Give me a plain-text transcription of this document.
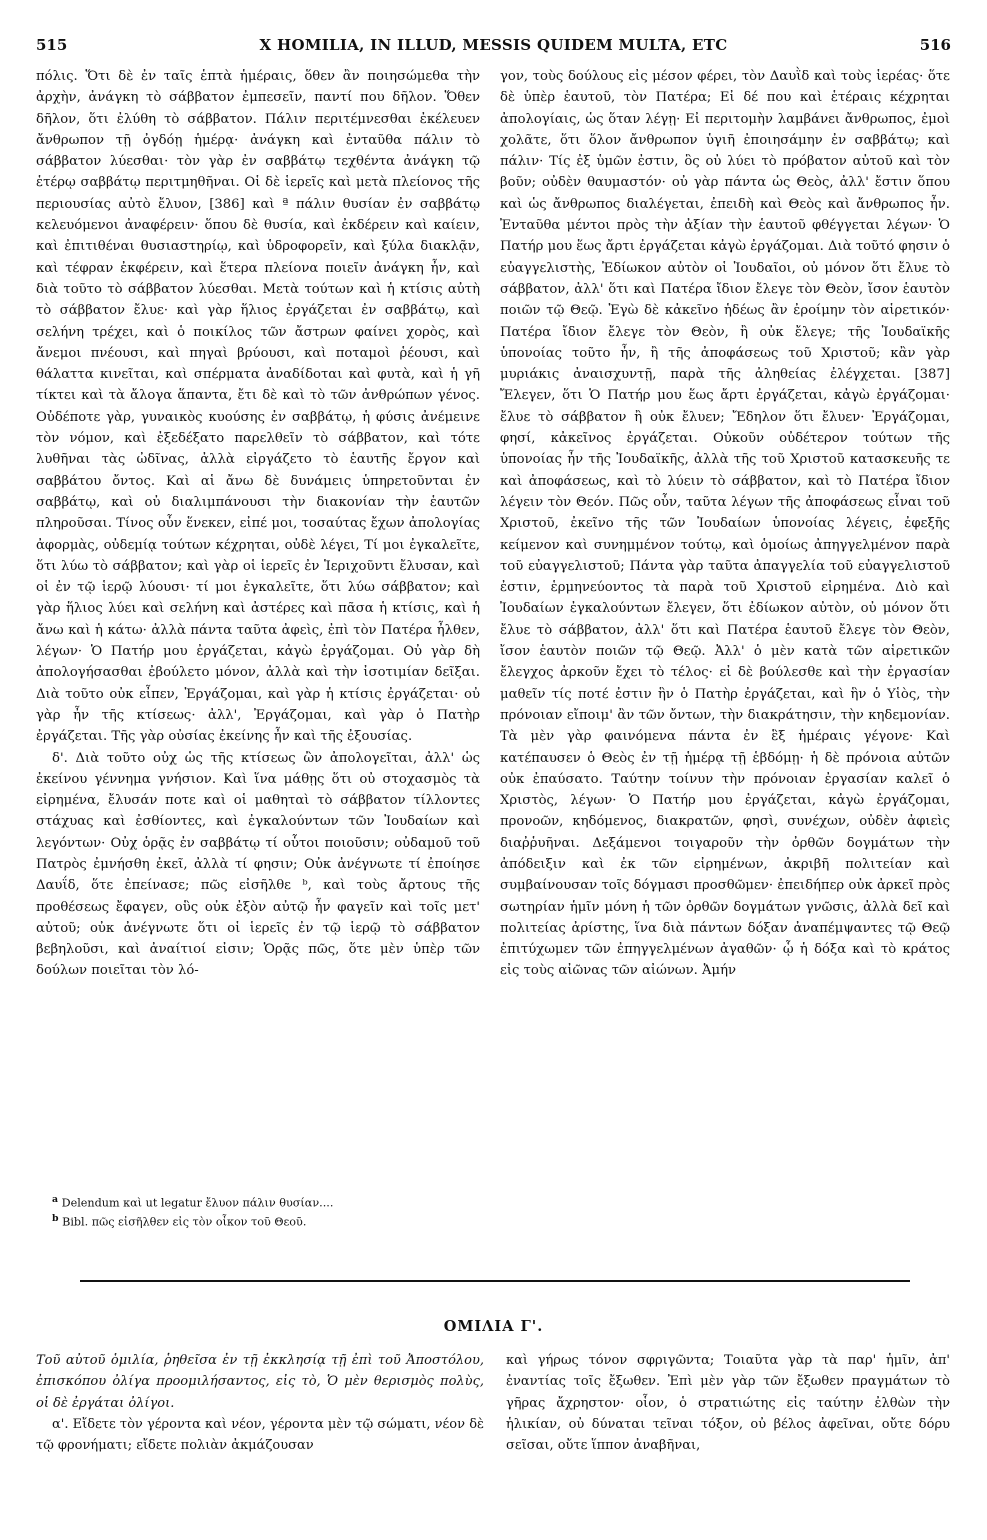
515	X HOMILIA, IN ILLUD, MESSIS QUIDEM MULTA, ETC	516

πόλις. Ὅτι δὲ ἐν ταῖς ἑπτὰ ἡμέραις, ὅθεν ἂν ποιησώμεθα τὴν ἀρχὴν, ἀνάγκη τὸ σάββατον ἐμπεσεῖν, παντί που δῆλον. Ὅθεν δῆλον, ὅτι ἐλύθη τὸ σάββατον. Πάλιν περιτέμνεσθαι ἐκέλευεν ἄνθρωπον τῇ ὀγδόῃ ἡμέρᾳ· ἀνάγκη καὶ ἐνταῦθα πάλιν τὸ σάββατον λύεσθαι· τὸν γὰρ ἐν σαββάτῳ τεχθέντα ἀνάγκη τῷ ἑτέρῳ σαββάτῳ περιτμηθῆναι. Οἱ δὲ ἱερεῖς καὶ μετὰ πλείονος τῆς περιουσίας αὐτὸ ἔλυον, [386] καὶ ª πάλιν θυσίαν ἐν σαββάτῳ κελευόμενοι ἀναφέρειν· ὅπου δὲ θυσία, καὶ ἐκδέρειν καὶ καίειν, καὶ ἐπιτιθέναι θυσιαστηρίῳ, καὶ ὑδροφορεῖν, καὶ ξύλα διακλᾷν, καὶ τέφραν ἐκφέρειν, καὶ ἕτερα πλείονα ποιεῖν ἀνάγκη ἦν, καὶ διὰ τοῦτο τὸ σάββατον λύεσθαι. Μετὰ τούτων καὶ ἡ κτίσις αὐτὴ τὸ σάββατον ἔλυε· καὶ γὰρ ἥλιος ἐργάζεται ἐν σαββάτῳ, καὶ σελήνη τρέχει, καὶ ὁ ποικίλος τῶν ἄστρων φαίνει χορὸς, καὶ ἄνεμοι πνέουσι, καὶ πηγαὶ βρύουσι, καὶ ποταμοὶ ῥέουσι, καὶ θάλαττα κινεῖται, καὶ σπέρματα ἀναδίδοται καὶ φυτὰ, καὶ ἡ γῆ τίκτει καὶ τὰ ἄλογα ἅπαντα, ἔτι δὲ καὶ τὸ τῶν ἀνθρώπων γένος. Οὐδέποτε γὰρ, γυναικὸς κυούσης ἐν σαββάτῳ, ἡ φύσις ἀνέμεινε τὸν νόμον, καὶ ἐξεδέξατο παρελθεῖν τὸ σάββατον, καὶ τότε λυθῆναι τὰς ὠδῖνας, ἀλλὰ εἰργάζετο τὸ ἑαυτῆς ἔργον καὶ σαββάτου ὄντος. Καὶ αἱ ἄνω δὲ δυνάμεις ὑπηρετοῦνται ἐν σαββάτῳ, καὶ οὐ διαλιμπάνουσι τὴν διακονίαν τὴν ἑαυτῶν πληροῦσαι. Τίνος οὖν ἕνεκεν, εἰπέ μοι, τοσαύτας ἔχων ἀπολογίας ἀφορμὰς, οὐδεμίᾳ τούτων κέχρηται, οὐδὲ λέγει, Τί μοι ἐγκαλεῖτε, ὅτι λύω τὸ σάββατον; καὶ γὰρ οἱ ἱερεῖς ἐν Ἱεριχοῦντι ἔλυσαν, καὶ οἱ ἐν τῷ ἱερῷ λύουσι· τί μοι ἐγκαλεῖτε, ὅτι λύω σάββατον; καὶ γὰρ ἥλιος λύει καὶ σελήνη καὶ ἀστέρες καὶ πᾶσα ἡ κτίσις, καὶ ἡ ἄνω καὶ ἡ κάτω· ἀλλὰ πάντα ταῦτα ἀφεὶς, ἐπὶ τὸν Πατέρα ἦλθεν, λέγων· Ὁ Πατήρ μου ἐργάζεται, κἀγὼ ἐργάζομαι. Οὐ γὰρ δὴ ἀπολογήσασθαι ἐβούλετο μόνον, ἀλλὰ καὶ τὴν ἰσοτιμίαν δεῖξαι. Διὰ τοῦτο οὐκ εἶπεν, Ἐργάζομαι, καὶ γὰρ ἡ κτίσις ἐργάζεται· οὐ γὰρ ἦν τῆς κτίσεως· ἀλλ', Ἐργάζομαι, καὶ γὰρ ὁ Πατὴρ ἐργάζεται. Τῆς γὰρ οὐσίας ἐκείνης ἦν καὶ τῆς ἐξουσίας.

δ'. Διὰ τοῦτο οὐχ ὡς τῆς κτίσεως ὢν ἀπολογεῖται, ἀλλ' ὡς ἐκείνου γέννημα γνήσιον. Καὶ ἵνα μάθῃς ὅτι οὐ στοχασμὸς τὰ εἰρημένα, ἔλυσάν ποτε καὶ οἱ μαθηταὶ τὸ σάββατον τίλλοντες στάχυας καὶ ἐσθίοντες, καὶ ἐγκαλούντων τῶν Ἰουδαίων καὶ λεγόντων· Οὐχ ὁρᾷς ἐν σαββάτῳ τί οὗτοι ποιοῦσιν; οὐδαμοῦ τοῦ Πατρὸς ἐμνήσθη ἐκεῖ, ἀλλὰ τί φησιν; Οὐκ ἀνέγνωτε τί ἐποίησε Δαυΐδ, ὅτε ἐπείνασε; πῶς εἰσῆλθε ᵇ, καὶ τοὺς ἄρτους τῆς προθέσεως ἔφαγεν, οὓς οὐκ ἐξὸν αὐτῷ ἦν φαγεῖν καὶ τοῖς μετ' αὐτοῦ; οὐκ ἀνέγνωτε ὅτι οἱ ἱερεῖς ἐν τῷ ἱερῷ τὸ σάββατον βεβηλοῦσι, καὶ ἀναίτιοί εἰσιν; Ὁρᾷς πῶς, ὅτε μὲν ὑπὲρ τῶν δούλων ποιεῖται τὸν λό-

γον, τοὺς δούλους εἰς μέσον φέρει, τὸν Δαυῒδ καὶ τοὺς ἱερέας· ὅτε δὲ ὑπὲρ ἑαυτοῦ, τὸν Πατέρα; Εἰ δέ που καὶ ἑτέραις κέχρηται ἀπολογίαις, ὡς ὅταν λέγῃ· Εἰ περιτομὴν λαμβάνει ἄνθρωπος, ἐμοὶ χολᾶτε, ὅτι ὅλον ἄνθρωπον ὑγιῆ ἐποιησάμην ἐν σαββάτῳ; καὶ πάλιν· Τίς ἐξ ὑμῶν ἐστιν, ὃς οὐ λύει τὸ πρόβατον αὐτοῦ καὶ τὸν βοῦν; οὐδὲν θαυμαστόν· οὐ γὰρ πάντα ὡς Θεὸς, ἀλλ' ἔστιν ὅπου καὶ ὡς ἄνθρωπος διαλέγεται, ἐπειδὴ καὶ Θεὸς καὶ ἄνθρωπος ἦν. Ἐνταῦθα μέντοι πρὸς τὴν ἀξίαν τὴν ἑαυτοῦ φθέγγεται λέγων· Ὁ Πατήρ μου ἕως ἄρτι ἐργάζεται κἀγὼ ἐργάζομαι. Διὰ τοῦτό φησιν ὁ εὐαγγελιστὴς, Ἐδίωκον αὐτὸν οἱ Ἰουδαῖοι, οὐ μόνον ὅτι ἔλυε τὸ σάββατον, ἀλλ' ὅτι καὶ Πατέρα ἴδιον ἔλεγε τὸν Θεὸν, ἴσον ἑαυτὸν ποιῶν τῷ Θεῷ. Ἐγὼ δὲ κἀκεῖνο ἡδέως ἂν ἐροίμην τὸν αἱρετικόν· Πατέρα ἴδιον ἔλεγε τὸν Θεὸν, ἢ οὐκ ἔλεγε; τῆς Ἰουδαϊκῆς ὑπονοίας τοῦτο ἦν, ἢ τῆς ἀποφάσεως τοῦ Χριστοῦ; κἂν γὰρ μυριάκις ἀναισχυντῇ, παρὰ τῆς ἀληθείας ἐλέγχεται. [387] Ἔλεγεν, ὅτι Ὁ Πατήρ μου ἕως ἄρτι ἐργάζεται, κἀγὼ ἐργάζομαι· ἔλυε τὸ σάββατον ἢ οὐκ ἔλυεν; Ἔδηλον ὅτι ἔλυεν· Ἐργάζομαι, φησί, κἀκεῖνος ἐργάζεται. Οὐκοῦν οὐδέτερον τούτων τῆς ὑπονοίας ἦν τῆς Ἰουδαϊκῆς, ἀλλὰ τῆς τοῦ Χριστοῦ κατασκευῆς τε καὶ ἀποφάσεως, καὶ τὸ λύειν τὸ σάββατον, καὶ τὸ Πατέρα ἴδιον λέγειν τὸν Θεόν. Πῶς οὖν, ταῦτα λέγων τῆς ἀποφάσεως εἶναι τοῦ Χριστοῦ, ἐκεῖνο τῆς τῶν Ἰουδαίων ὑπονοίας λέγεις, ἐφεξῆς κείμενον καὶ συνημμένον τούτῳ, καὶ ὁμοίως ἀπηγγελμένον παρὰ τοῦ εὐαγγελιστοῦ; Πάντα γὰρ ταῦτα ἀπαγγελία τοῦ εὐαγγελιστοῦ ἐστιν, ἑρμηνεύοντος τὰ παρὰ τοῦ Χριστοῦ εἰρημένα. Διὸ καὶ Ἰουδαίων ἐγκαλούντων ἔλεγεν, ὅτι ἐδίωκον αὐτὸν, οὐ μόνον ὅτι ἔλυε τὸ σάββατον, ἀλλ' ὅτι καὶ Πατέρα ἑαυτοῦ ἔλεγε τὸν Θεὸν, ἴσον ἑαυτὸν ποιῶν τῷ Θεῷ. Ἀλλ' ὁ μὲν κατὰ τῶν αἱρετικῶν ἔλεγχος ἀρκοῦν ἔχει τὸ τέλος· εἰ δὲ βούλεσθε καὶ τὴν ἐργασίαν μαθεῖν τίς ποτέ ἐστιν ἣν ὁ Πατὴρ ἐργάζεται, καὶ ἣν ὁ Υἱὸς, τὴν πρόνοιαν εἴποιμ' ἂν τῶν ὄντων, τὴν διακράτησιν, τὴν κηδεμονίαν. Τὰ μὲν γὰρ φαινόμενα πάντα ἐν ἓξ ἡμέραις γέγονε· Καὶ κατέπαυσεν ὁ Θεὸς ἐν τῇ ἡμέρᾳ τῇ ἑβδόμῃ· ἡ δὲ πρόνοια αὐτῶν οὐκ ἐπαύσατο. Ταύτην τοίνυν τὴν πρόνοιαν ἐργασίαν καλεῖ ὁ Χριστὸς, λέγων· Ὁ Πατήρ μου ἐργάζεται, κἀγὼ ἐργάζομαι, προνοῶν, κηδόμενος, διακρατῶν, φησὶ, συνέχων, οὐδὲν ἀφιεὶς διαῤῥυῆναι. Δεξάμενοι τοιγαροῦν τὴν ὀρθῶν δογμάτων τὴν ἀπόδειξιν καὶ ἐκ τῶν εἰρημένων, ἀκριβῆ πολιτείαν καὶ συμβαίνουσαν τοῖς δόγμασι προσθῶμεν· ἐπειδήπερ οὐκ ἀρκεῖ πρὸς σωτηρίαν ἡμῖν μόνη ἡ τῶν ὀρθῶν δογμάτων γνῶσις, ἀλλὰ δεῖ καὶ πολιτείας ἀρίστης, ἵνα διὰ πάντων δόξαν ἀναπέμψαντες τῷ Θεῷ ἐπιτύχωμεν τῶν ἐπηγγελμένων ἀγαθῶν· ᾧ ἡ δόξα καὶ τὸ κράτος εἰς τοὺς αἰῶνας τῶν αἰώνων. Ἀμήν

$^a$ Delendum καὶ ut legatur ἔλυον πάλιν θυσίαν....

$^b$ Bibl. πῶς εἰσῆλθεν εἰς τὸν οἶκον τοῦ Θεοῦ.

ΟΜΙΛΙΑ Γ'.

Τοῦ αὐτοῦ ὁμιλία, ῥηθεῖσα ἐν τῇ ἐκκλησίᾳ τῇ ἐπὶ τοῦ Ἀποστόλου, ἐπισκόπου ὀλίγα προομιλήσαντος, εἰς τὸ, Ὁ μὲν θερισμὸς πολὺς, οἱ δὲ ἐργάται ὀλίγοι.

α'. Εἴδετε τὸν γέροντα καὶ νέον, γέροντα μὲν τῷ σώματι, νέον δὲ τῷ φρονήματι; εἴδετε πολιὰν ἀκμάζουσαν

καὶ γήρως τόνον σφριγῶντα; Τοιαῦτα γὰρ τὰ παρ' ἡμῖν, ἀπ' ἐναντίας τοῖς ἔξωθεν. Ἐπὶ μὲν γὰρ τῶν ἔξωθεν πραγμάτων τὸ γῆρας ἄχρηστον· οἷον, ὁ στρατιώτης εἰς ταύτην ἐλθὼν τὴν ἡλικίαν, οὐ δύναται τεῖναι τόξον, οὐ βέλος ἀφεῖναι, οὔτε δόρυ σεῖσαι, οὔτε ἵππον ἀναβῆναι,
